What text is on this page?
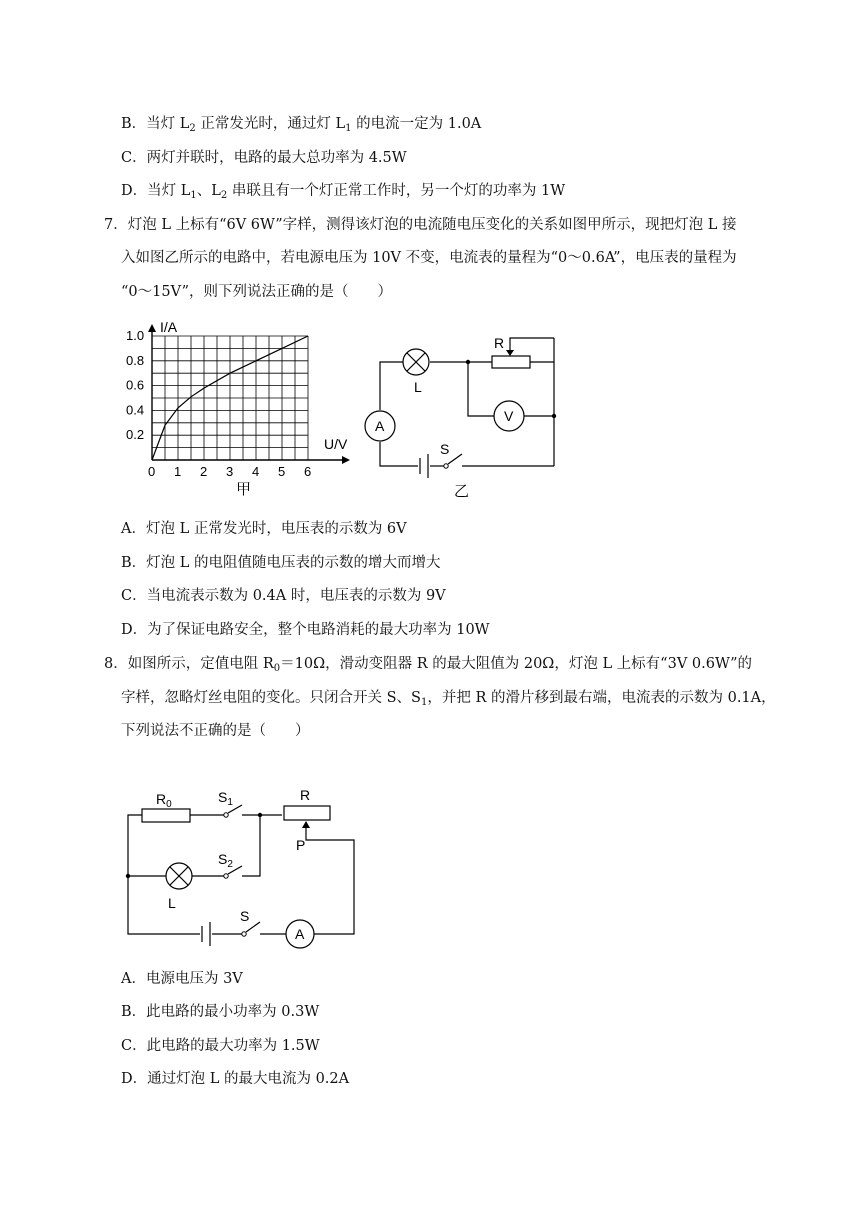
B．当灯 $L_2$ 正常发光时，通过灯 $L_1$ 的电流一定为 1.0A
C．两灯并联时，电路的最大总功率为 4.5W
D．当灯 $L_1$、$L_2$ 串联且有一个灯正常工作时，另一个灯的功率为 1W
7．灯泡 L 上标有“6V 6W”字样，测得该灯泡的电流随电压变化的关系如图甲所示，现把灯泡 L 接
入如图乙所示的电路中，若电源电压为 10V 不变，电流表的量程为“0～0.6A”，电压表的量程为
“0～15V”，则下列说法正确的是（　　）
I/A
U/V
0 1 2 3 4 5 6
0.2
0.4
0.6
0.8
1.0
甲
L
R
A
V
S
乙
A．灯泡 L 正常发光时，电压表的示数为 6V
B．灯泡 L 的电阻值随电压表的示数的增大而增大
C．当电流表示数为 0.4A 时，电压表的示数为 9V
D．为了保证电路安全，整个电路消耗的最大功率为 10W
8．如图所示，定值电阻 $R_0=10\Omega$，滑动变阻器 R 的最大阻值为 20Ω，灯泡 L 上标有“3V 0.6W”的
字样，忽略灯丝电阻的变化。只闭合开关 S、$S_1$，并把 R 的滑片移到最右端，电流表的示数为 0.1A，
下列说法不正确的是（　　）
$R_0$	$S_1$	R
P
L
$S_2$
S
A
A．电源电压为 3V
B．此电路的最小功率为 0.3W
C．此电路的最大功率为 1.5W
D．通过灯泡 L 的最大电流为 0.2A
